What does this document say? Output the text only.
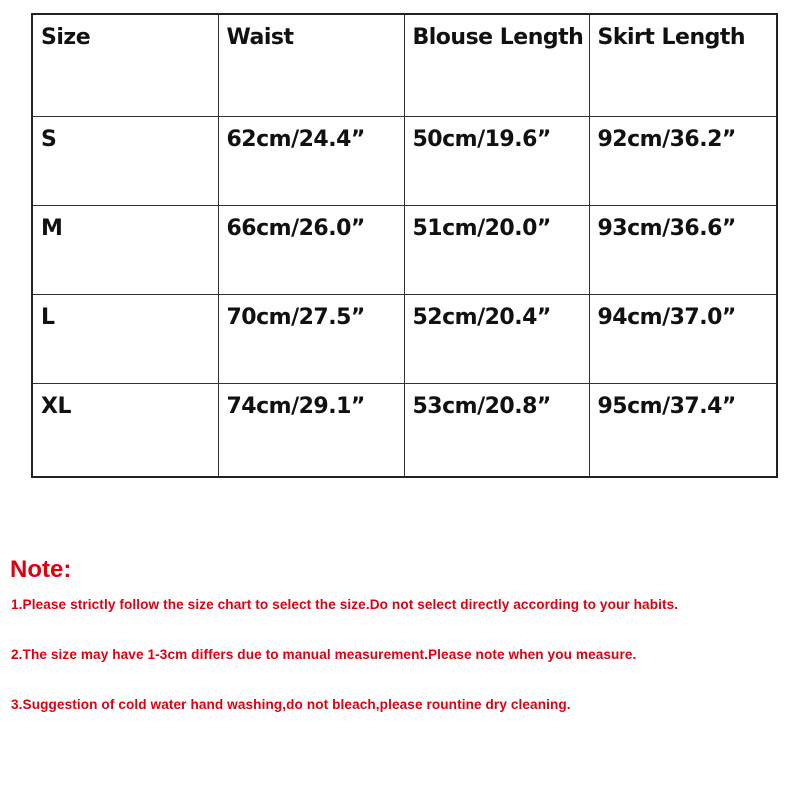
Size	Waist	Blouse Length	Skirt Length

S	62cm/24.4”	50cm/19.6”	92cm/36.2”

M	66cm/26.0”	51cm/20.0”	93cm/36.6”

L	70cm/27.5”	52cm/20.4”	94cm/37.0”

XL	74cm/29.1”	53cm/20.8”	95cm/37.4”
Note:
1.Please strictly follow the size chart to select the size.Do not select directly according to your habits.
2.The size may have 1-3cm differs due to manual measurement.Please note when you measure.
3.Suggestion of cold water hand washing,do not bleach,please rountine dry cleaning.
